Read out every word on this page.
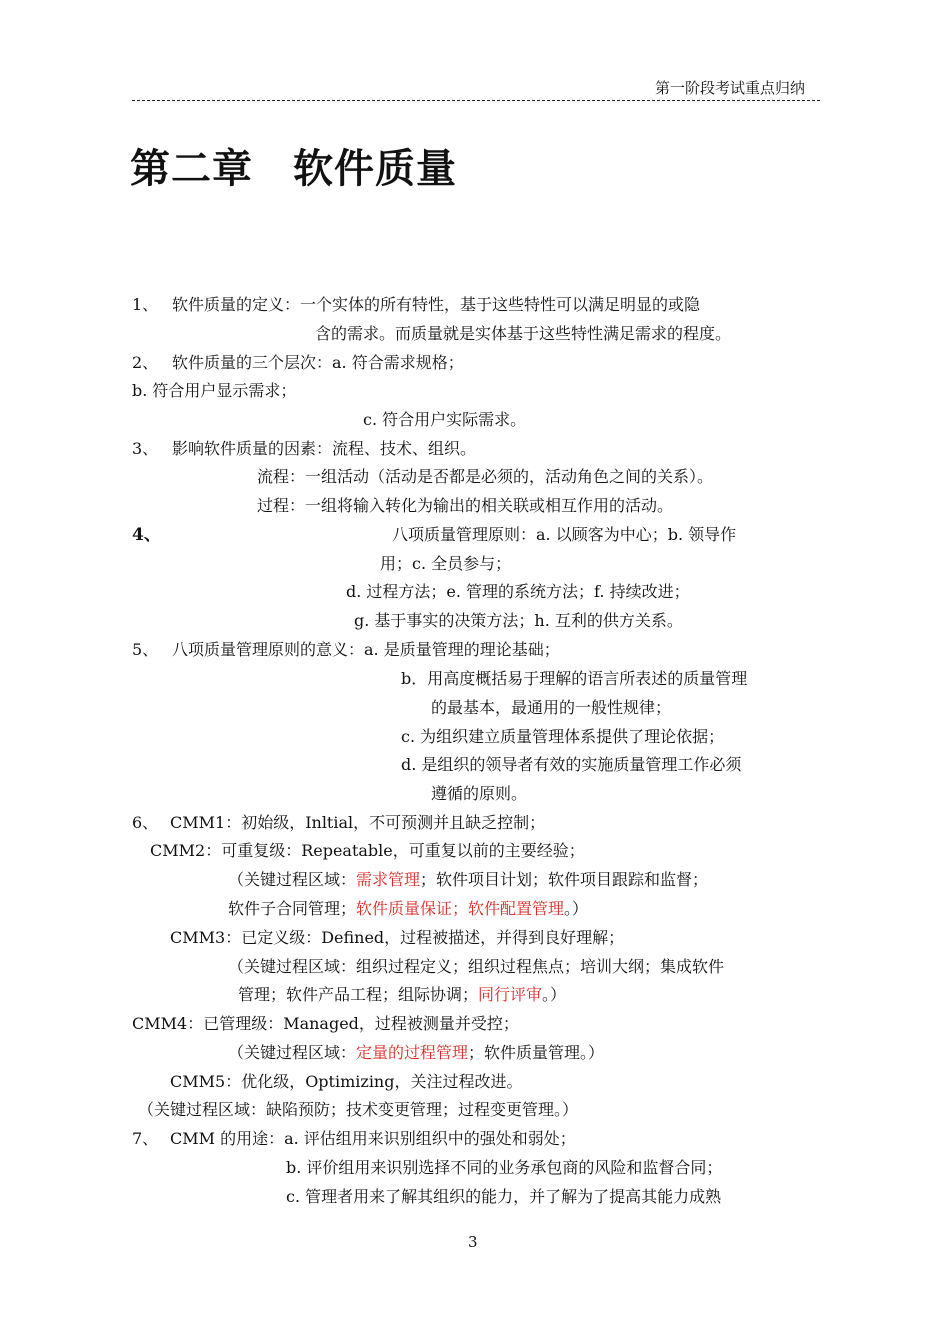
第一阶段考试重点归纳
第二章 软件质量
1、 软件质量的定义：一个实体的所有特性，基于这些特性可以满足明显的或隐
含的需求。而质量就是实体基于这些特性满足需求的程度。
2、 软件质量的三个层次：a. 符合需求规格；
b. 符合用户显示需求；
c. 符合用户实际需求。
3、 影响软件质量的因素：流程、技术、组织。
流程：一组活动（活动是否都是必须的，活动角色之间的关系）。
过程：一组将输入转化为输出的相关联或相互作用的活动。
4、	八项质量管理原则：a. 以顾客为中心；b. 领导作
用；c. 全员参与；
d. 过程方法；e. 管理的系统方法；f. 持续改进；
g. 基于事实的决策方法；h. 互利的供方关系。
5、 八项质量管理原则的意义：a. 是质量管理的理论基础；
b．用高度概括易于理解的语言所表述的质量管理
的最基本，最通用的一般性规律；
c. 为组织建立质量管理体系提供了理论依据；
d. 是组织的领导者有效的实施质量管理工作必须
遵循的原则。
6、 CMM1：初始级，Inltial，不可预测并且缺乏控制；
CMM2：可重复级：Repeatable，可重复以前的主要经验；
（关键过程区域：需求管理；软件项目计划；软件项目跟踪和监督；
软件子合同管理；软件质量保证；软件配置管理。）
CMM3：已定义级：Defined，过程被描述，并得到良好理解；
（关键过程区域：组织过程定义；组织过程焦点；培训大纲；集成软件
管理；软件产品工程；组际协调；同行评审。）
CMM4：已管理级：Managed，过程被测量并受控；
（关键过程区域：定量的过程管理；软件质量管理。）
CMM5：优化级，Optimizing，关注过程改进。
（关键过程区域：缺陷预防；技术变更管理；过程变更管理。）
7、 CMM 的用途：a. 评估组用来识别组织中的强处和弱处；
b. 评价组用来识别选择不同的业务承包商的风险和监督合同；
c. 管理者用来了解其组织的能力，并了解为了提高其能力成熟
3
